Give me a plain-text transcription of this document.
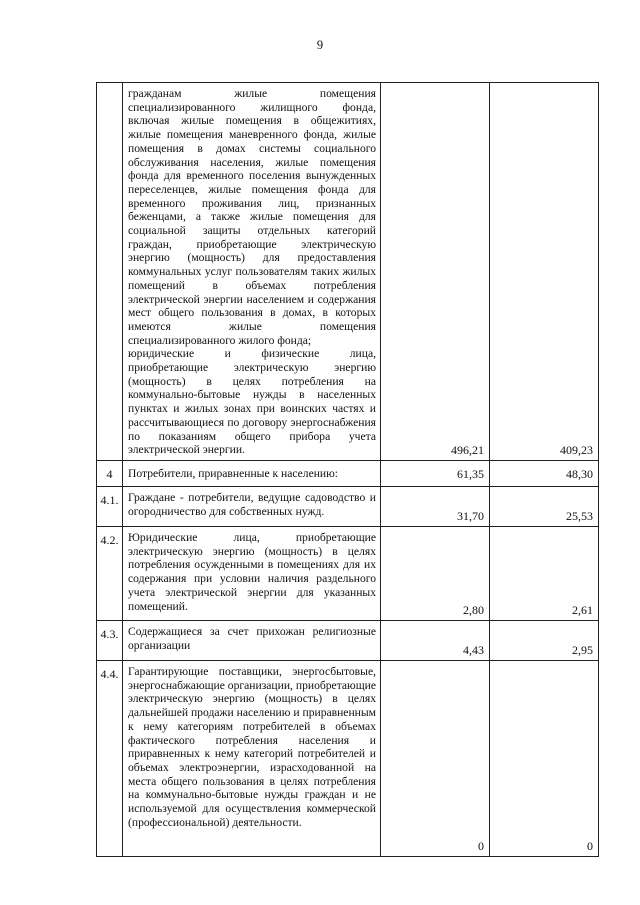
9

	гражданам жилые помещения специализированного жилищного фонда, включая жилые помещения в общежитиях, жилые помещения маневренного фонда, жилые помещения в домах системы социального обслуживания населения, жилые помещения фонда для временного поселения вынужденных переселенцев, жилые помещения фонда для временного проживания лиц, признанных беженцами, а также жилые помещения для социальной защиты отдельных категорий граждан, приобретающие электрическую энергию (мощность) для предоставления коммунальных услуг пользователям таких жилых помещений в объемах потребления электрической энергии населением и содержания мест общего пользования в домах, в которых имеются жилые помещения специализированного жилого фонда;

юридические и физические лица, приобретающие электрическую энергию (мощность) в целях потребления на коммунально-бытовые нужды в населенных пунктах и жилых зонах при воинских частях и рассчитывающиеся по договору энергоснабжения по показаниям общего прибора учета электрической энергии.	496,21	409,23
4	Потребители, приравненные к населению:	61,35	48,30
4.1.	Граждане - потребители, ведущие садоводство и огородничество для собственных нужд.	31,70	25,53
4.2.	Юридические лица, приобретающие электрическую энергию (мощность) в целях потребления осужденными в помещениях для их содержания при условии наличия раздельного учета электрической энергии для указанных помещений.	2,80	2,61
4.3.	Содержащиеся за счет прихожан религиозные организации	4,43	2,95
4.4.	Гарантирующие поставщики, энергосбытовые, энергоснабжающие организации, приобретающие электрическую энергию (мощность) в целях дальнейшей продажи населению и приравненным к нему категориям потребителей в объемах фактического потребления населения и приравненных к нему категорий потребителей и объемах электроэнергии, израсходованной на места общего пользования в целях потребления на коммунально-бытовые нужды граждан и не используемой для осуществления коммерческой (профессиональной) деятельности.	0	0
